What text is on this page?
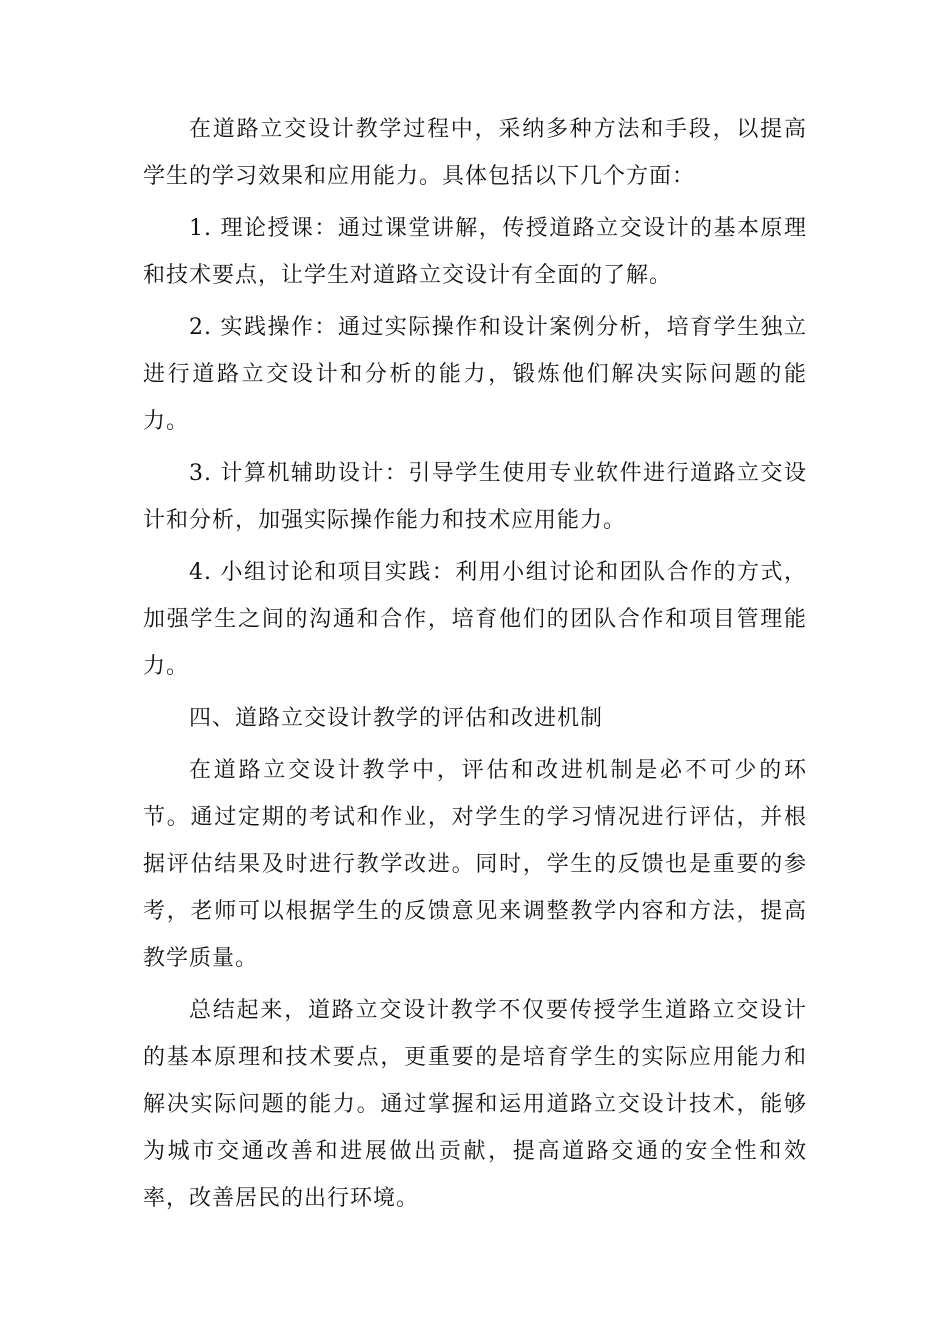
在道路立交设计教学过程中，采纳多种方法和手段，以提高学生的学习效果和应用能力。具体包括以下几个方面：

1. 理论授课：通过课堂讲解，传授道路立交设计的基本原理和技术要点，让学生对道路立交设计有全面的了解。

2. 实践操作：通过实际操作和设计案例分析，培育学生独立进行道路立交设计和分析的能力，锻炼他们解决实际问题的能力。

3. 计算机辅助设计：引导学生使用专业软件进行道路立交设计和分析，加强实际操作能力和技术应用能力。

4. 小组讨论和项目实践：利用小组讨论和团队合作的方式，加强学生之间的沟通和合作，培育他们的团队合作和项目管理能力。

四、道路立交设计教学的评估和改进机制

在道路立交设计教学中，评估和改进机制是必不可少的环节。通过定期的考试和作业，对学生的学习情况进行评估，并根据评估结果及时进行教学改进。同时，学生的反馈也是重要的参考，老师可以根据学生的反馈意见来调整教学内容和方法，提高教学质量。

总结起来，道路立交设计教学不仅要传授学生道路立交设计的基本原理和技术要点，更重要的是培育学生的实际应用能力和解决实际问题的能力。通过掌握和运用道路立交设计技术，能够为城市交通改善和进展做出贡献，提高道路交通的安全性和效率，改善居民的出行环境。
